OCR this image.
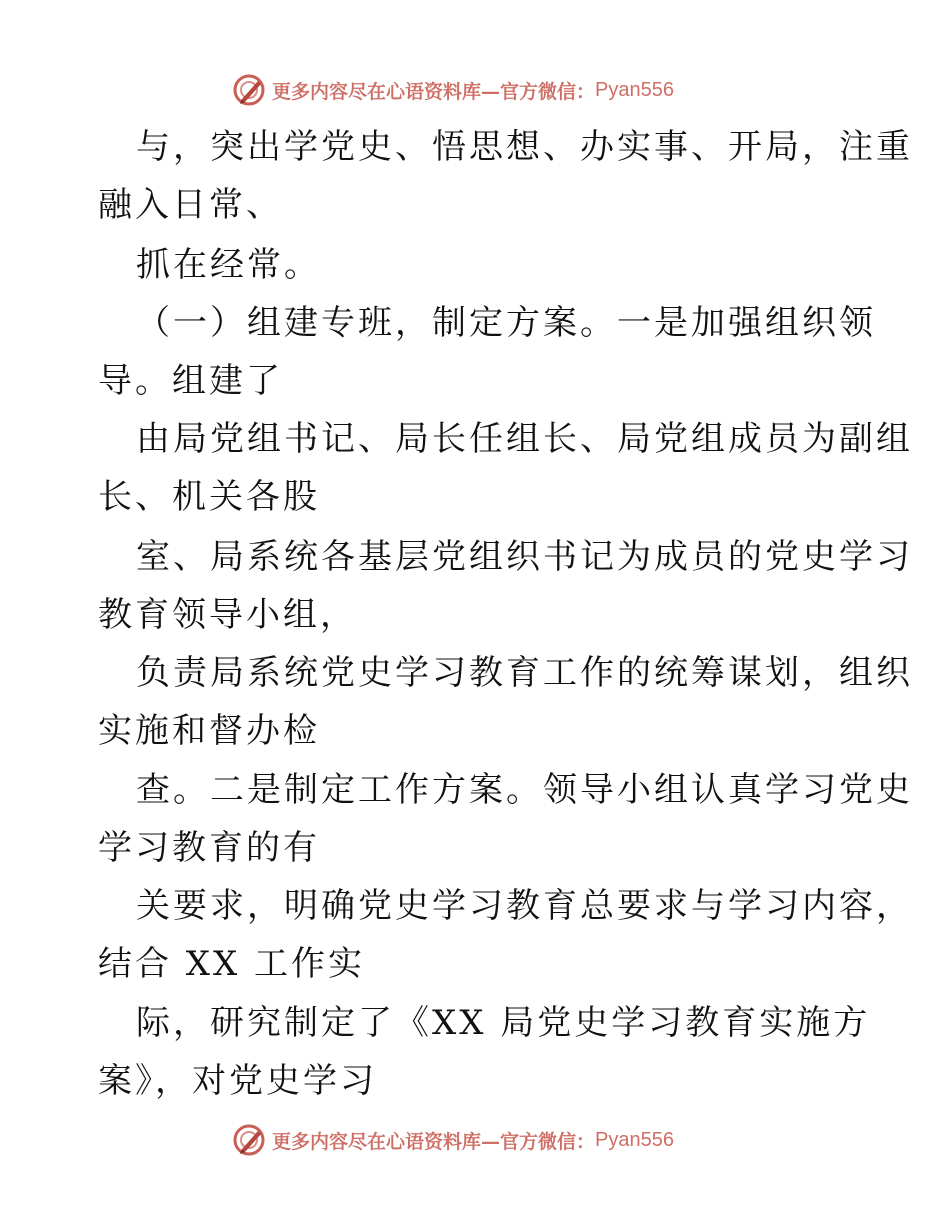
更多内容尽在心语资料库—官方微信： Pyan556
与，突出学党史、悟思想、办实事、开局，注重
融入日常、
抓在经常。
（一）组建专班，制定方案。一是加强组织领
导。组建了
由局党组书记、局长任组长、局党组成员为副组
长、机关各股
室、局系统各基层党组织书记为成员的党史学习
教育领导小组，
负责局系统党史学习教育工作的统筹谋划，组织
实施和督办检
查。二是制定工作方案。领导小组认真学习党史
学习教育的有
关要求，明确党史学习教育总要求与学习内容，
结合 XX 工作实
际，研究制定了《XX 局党史学习教育实施方
案》，对党史学习
更多内容尽在心语资料库—官方微信： Pyan556
